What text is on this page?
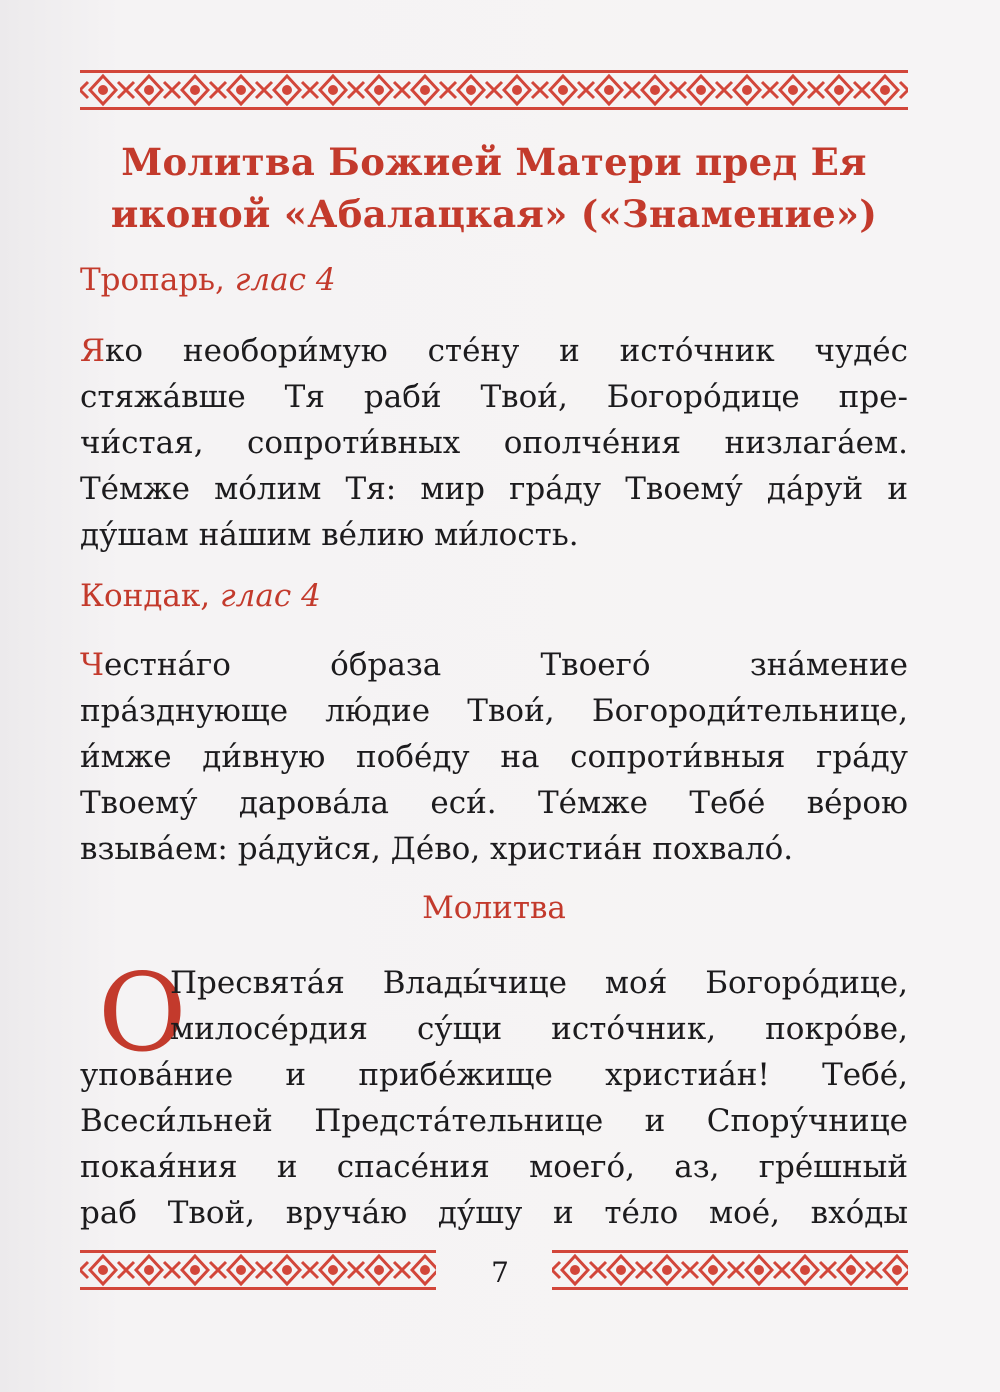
Молитва Божией Матери пред Ея
иконой «Абалацкая» («Знамение»)
Тропарь, глас 4
Яко необори́мую сте́ну и исто́чник чуде́с
стяжа́вше Тя раби́ Твои́, Богоро́дице пре-
чи́стая, сопроти́вных ополче́ния низлага́ем.
Те́мже мо́лим Тя: мир гра́ду Твоему́ да́руй и
ду́шам на́шим ве́лию ми́лость.
Кондак, глас 4
Честна́го о́браза Твоего́ зна́мение
пра́зднующе лю́дие Твои́, Богороди́тельнице,
и́мже ди́вную побе́ду на сопроти́вныя гра́ду
Твоему́ дарова́ла еси́. Те́мже Тебе́ ве́рою
взыва́ем: ра́дуйся, Де́во, христиа́н похвало́.
Молитва
О
Пресвята́я Влады́чице моя́ Богоро́дице,
милосе́рдия су́щи исто́чник, покро́ве,
упова́ние и прибе́жище христиа́н! Тебе́,
Всеси́льней Предста́тельнице и Спору́чнице
покая́ния и спасе́ния моего́, аз, гре́шный
раб Твой, вруча́ю ду́шу и те́ло мое́, вхо́ды
7
